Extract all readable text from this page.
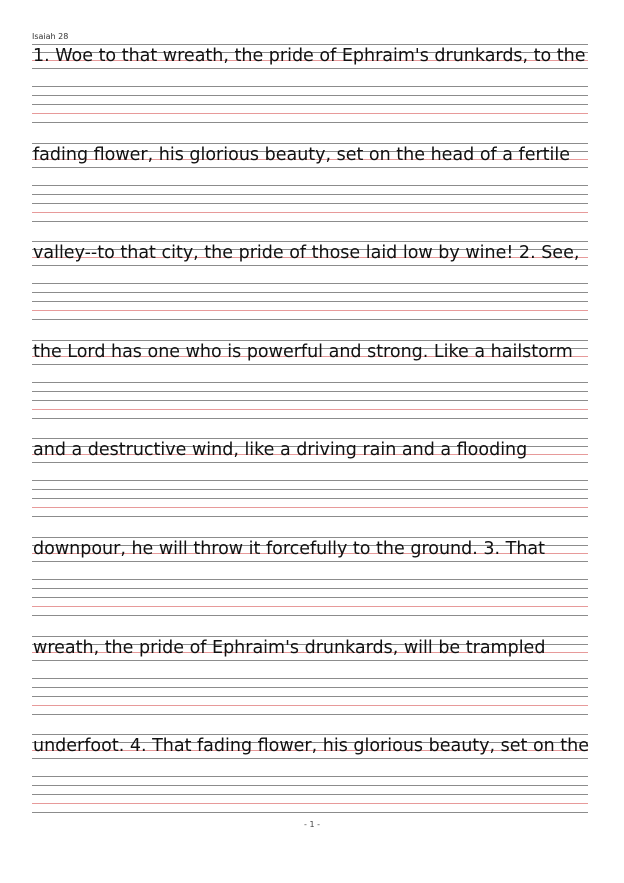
Isaiah 28

1. Woe to that wreath, the pride of Ephraim's drunkards, to the

fading flower, his glorious beauty, set on the head of a fertile

valley--to that city, the pride of those laid low by wine! 2. See,

the Lord has one who is powerful and strong. Like a hailstorm

and a destructive wind, like a driving rain and a flooding

downpour, he will throw it forcefully to the ground. 3. That

wreath, the pride of Ephraim's drunkards, will be trampled

underfoot. 4. That fading flower, his glorious beauty, set on the

- 1 -
